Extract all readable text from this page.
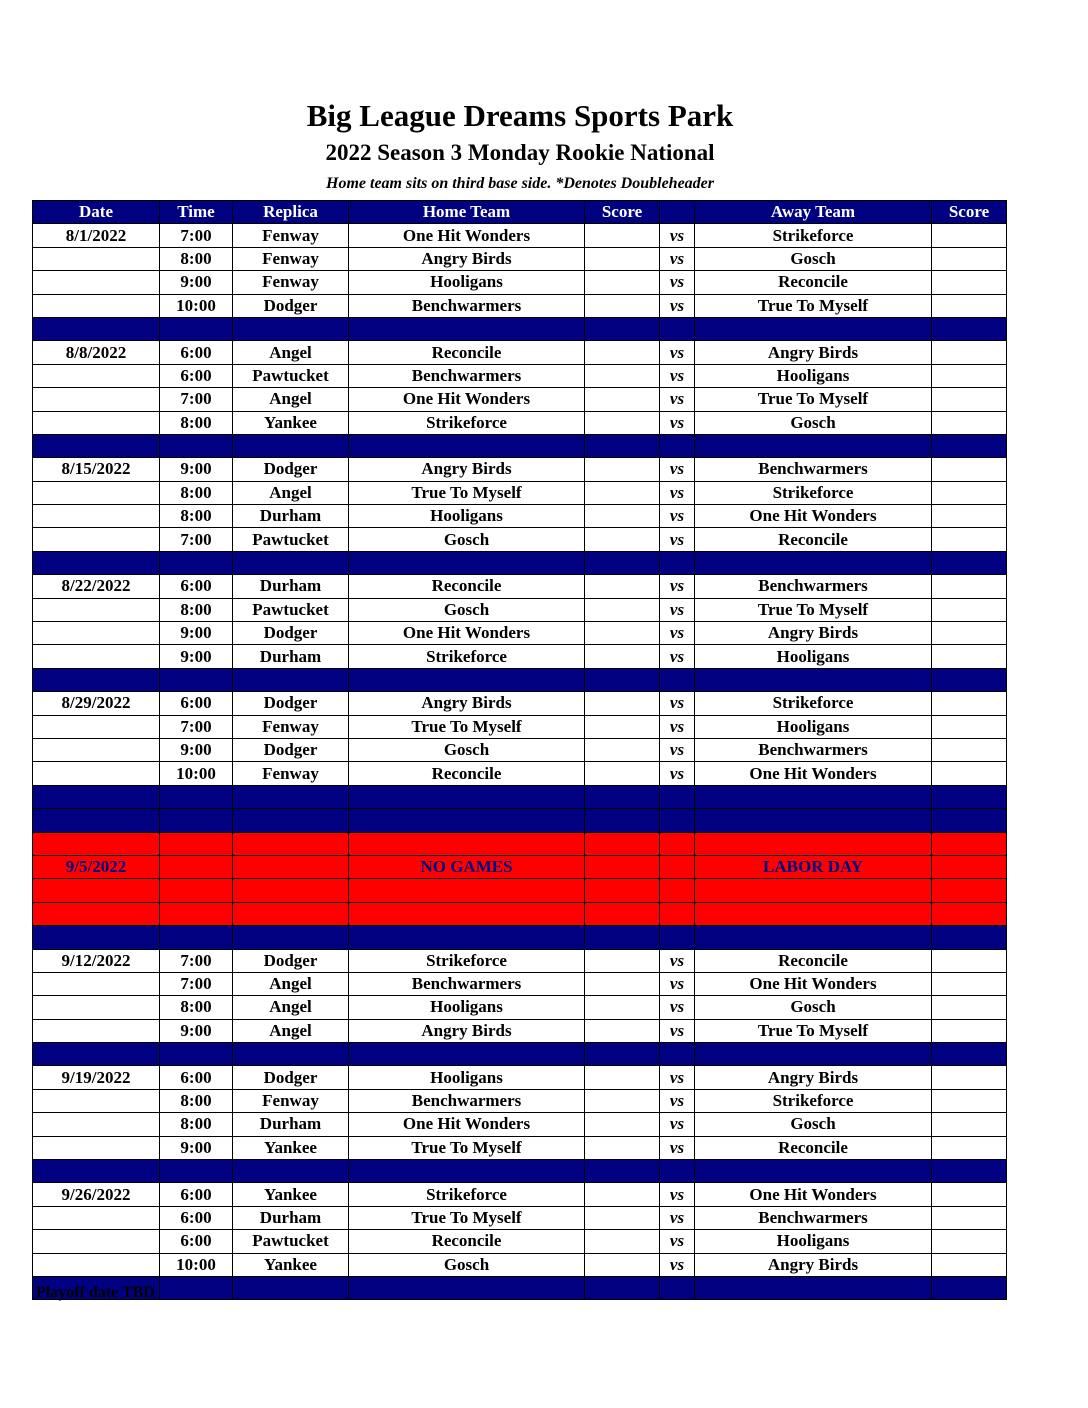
Big League Dreams Sports Park
2022 Season 3 Monday Rookie National
Home team sits on third base side. *Denotes Doubleheader
Date	Time	Replica	Home Team	Score		Away Team	Score
8/1/2022	7:00	Fenway	One Hit Wonders		vs	Strikeforce	
	8:00	Fenway	Angry Birds		vs	Gosch	
	9:00	Fenway	Hooligans		vs	Reconcile	
	10:00	Dodger	Benchwarmers		vs	True To Myself	

8/8/2022	6:00	Angel	Reconcile		vs	Angry Birds	
	6:00	Pawtucket	Benchwarmers		vs	Hooligans	
	7:00	Angel	One Hit Wonders		vs	True To Myself	
	8:00	Yankee	Strikeforce		vs	Gosch	

8/15/2022	9:00	Dodger	Angry Birds		vs	Benchwarmers	
	8:00	Angel	True To Myself		vs	Strikeforce	
	8:00	Durham	Hooligans		vs	One Hit Wonders	
	7:00	Pawtucket	Gosch		vs	Reconcile	

8/22/2022	6:00	Durham	Reconcile		vs	Benchwarmers	
	8:00	Pawtucket	Gosch		vs	True To Myself	
	9:00	Dodger	One Hit Wonders		vs	Angry Birds	
	9:00	Durham	Strikeforce		vs	Hooligans	

8/29/2022	6:00	Dodger	Angry Birds		vs	Strikeforce	
	7:00	Fenway	True To Myself		vs	Hooligans	
	9:00	Dodger	Gosch		vs	Benchwarmers	
	10:00	Fenway	Reconcile		vs	One Hit Wonders	

9/5/2022			NO GAMES			LABOR DAY	

9/12/2022	7:00	Dodger	Strikeforce		vs	Reconcile	
	7:00	Angel	Benchwarmers		vs	One Hit Wonders	
	8:00	Angel	Hooligans		vs	Gosch	
	9:00	Angel	Angry Birds		vs	True To Myself	

9/19/2022	6:00	Dodger	Hooligans		vs	Angry Birds	
	8:00	Fenway	Benchwarmers		vs	Strikeforce	
	8:00	Durham	One Hit Wonders		vs	Gosch	
	9:00	Yankee	True To Myself		vs	Reconcile	

9/26/2022	6:00	Yankee	Strikeforce		vs	One Hit Wonders	
	6:00	Durham	True To Myself		vs	Benchwarmers	
	6:00	Pawtucket	Reconcile		vs	Hooligans	
	10:00	Yankee	Gosch		vs	Angry Birds	

Playoff date TBD
